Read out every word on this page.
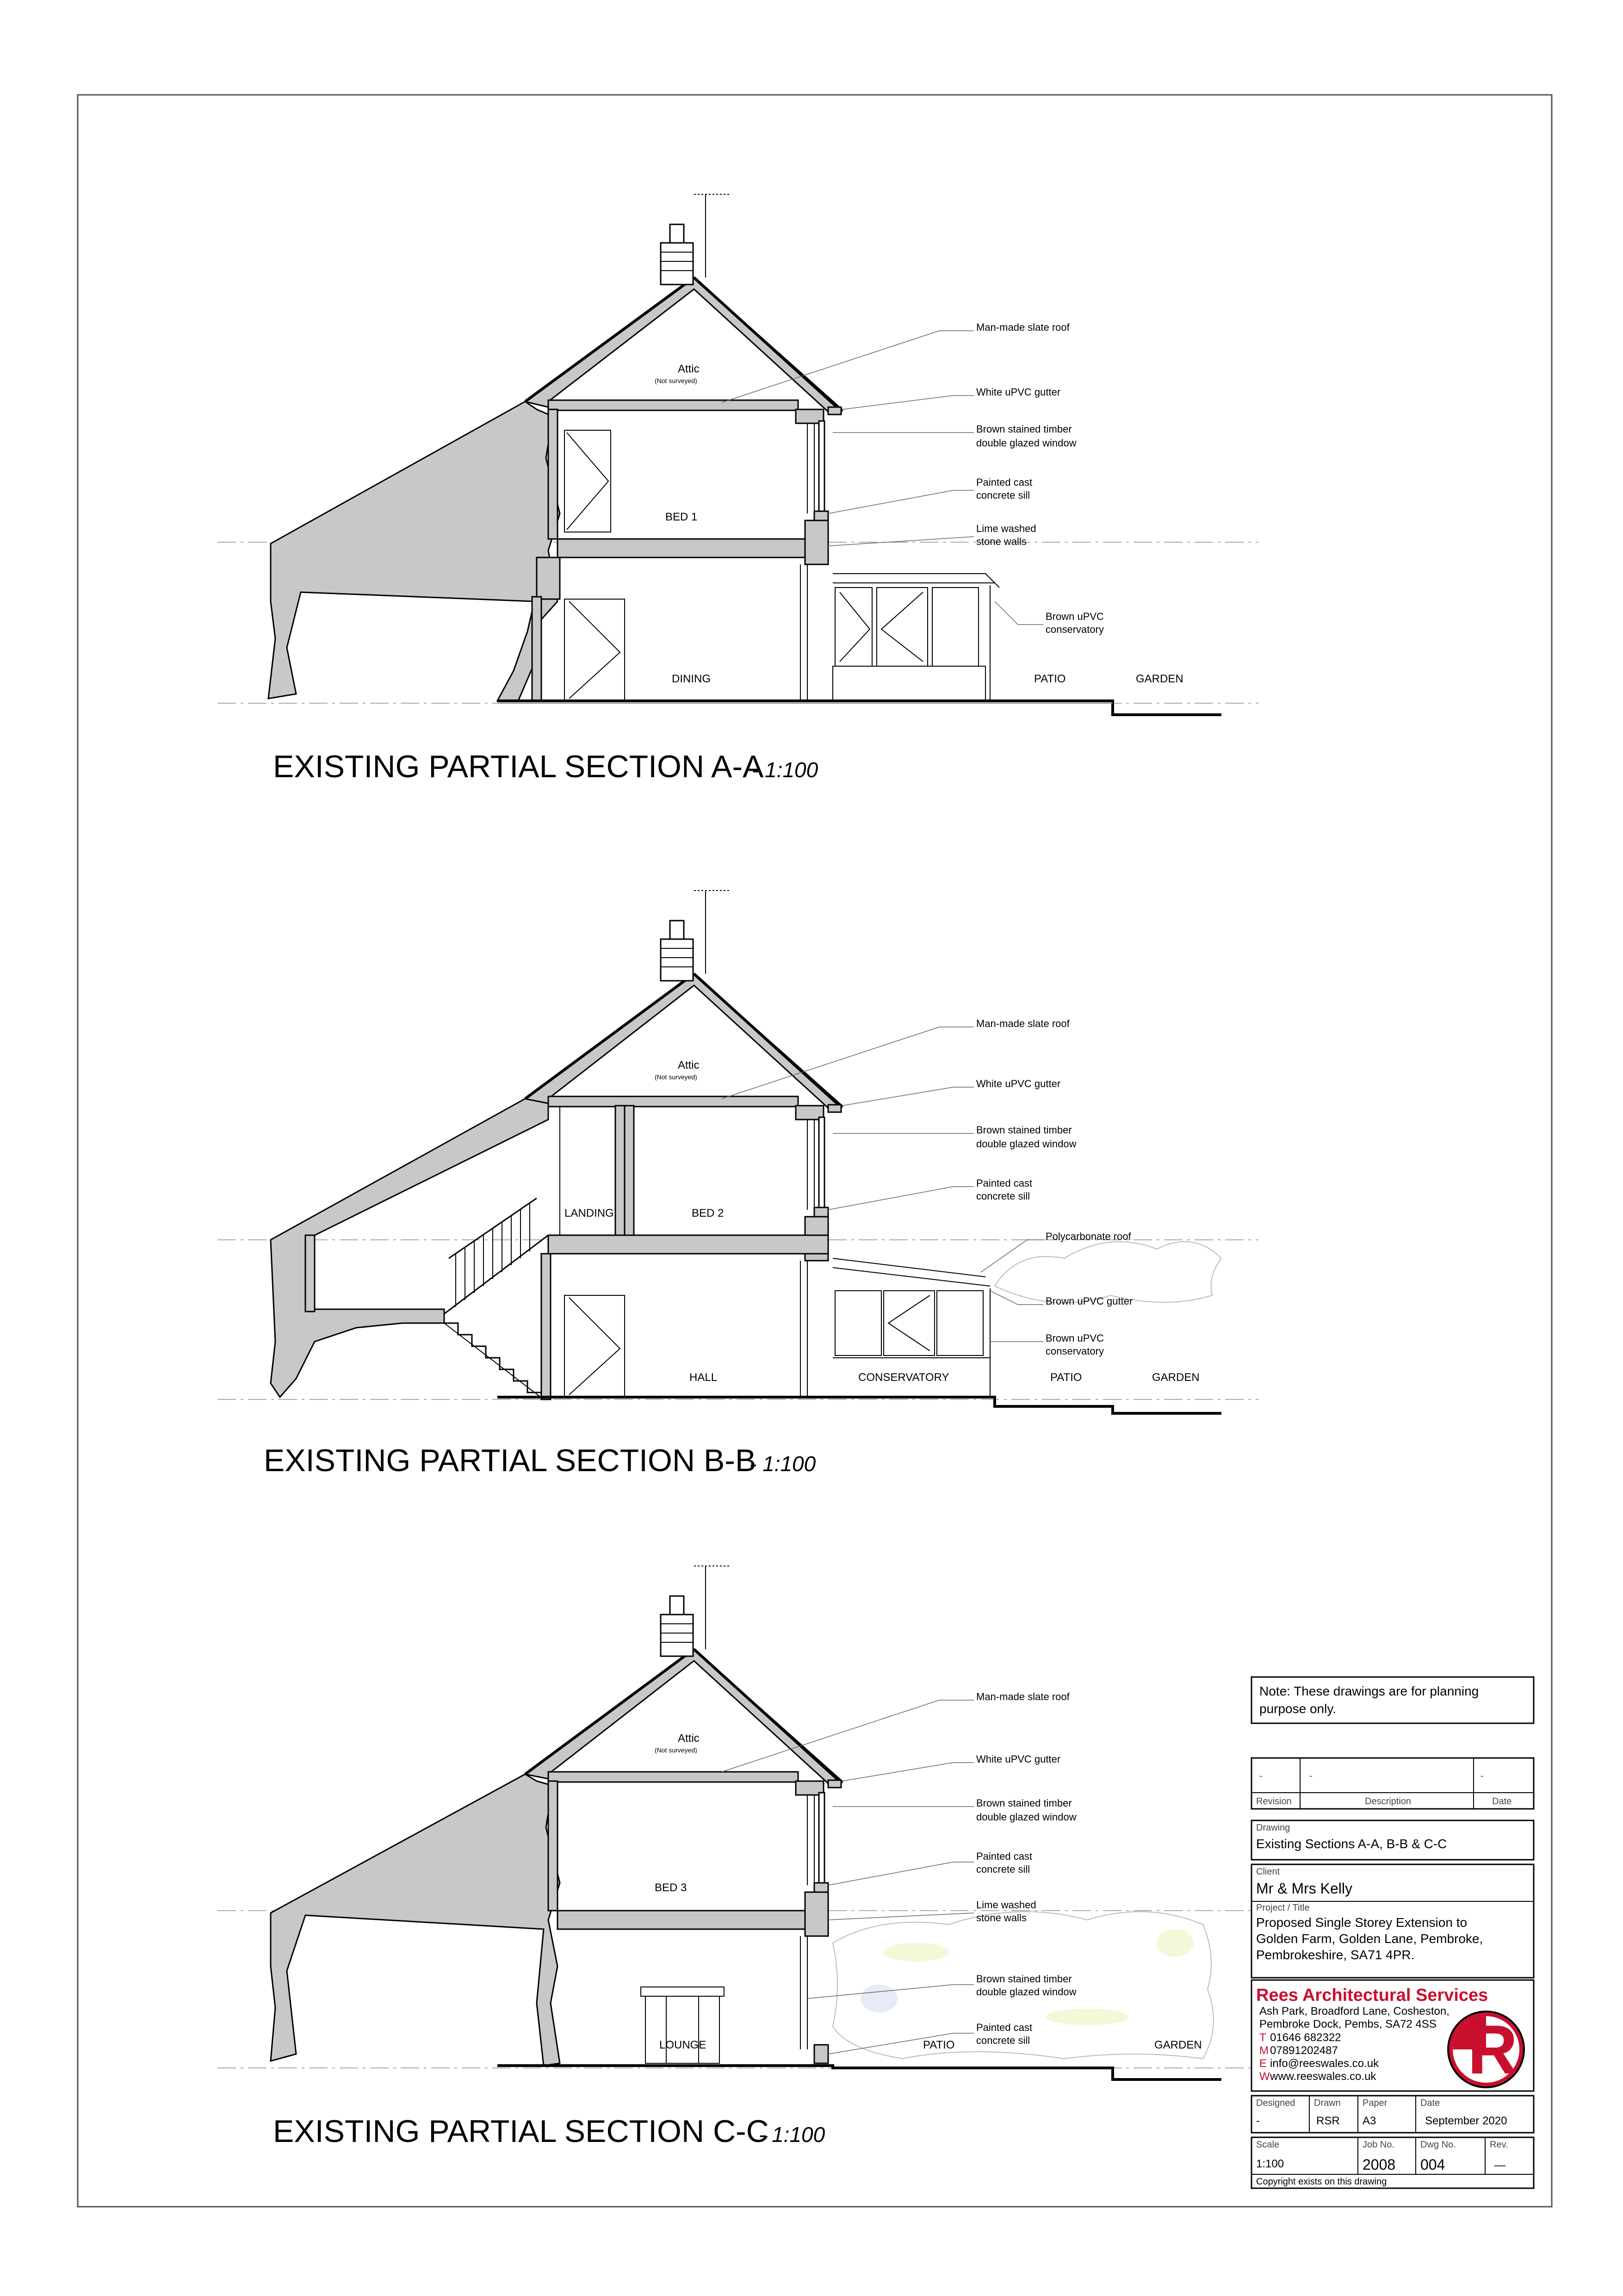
EXISTING PARTIAL SECTION A-A
- 1:100
Attic
(Not surveyed)
BED 1
DINING	PATIO	GARDEN
Man-made slate roof
White uPVC gutter
Brown stained timber
double glazed window
Painted cast
concrete sill
Lime washed
stone walls
Brown uPVC
conservatory
EXISTING PARTIAL SECTION B-B
- 1:100
Attic
(Not surveyed)
LANDING	BED 2
HALL	CONSERVATORY	PATIO	GARDEN
Man-made slate roof
White uPVC gutter
Brown stained timber
double glazed window
Painted cast
concrete sill
Polycarbonate roof
Brown uPVC gutter
Brown uPVC
conservatory
EXISTING PARTIAL SECTION C-C
- 1:100
Attic
(Not surveyed)
BED 3
LOUNGE	PATIO	GARDEN
Man-made slate roof
White uPVC gutter
Brown stained timber
double glazed window
Painted cast
concrete sill
Lime washed
stone walls
Brown stained timber
double glazed window
Painted cast
concrete sill
Note: These drawings are for planning
purpose only.
-	-	-
Revision	Description	Date
Drawing
Existing Sections A-A, B-B & C-C
Client
Mr & Mrs Kelly
Project / Title
Proposed Single Storey Extension to
Golden Farm, Golden Lane, Pembroke,
Pembrokeshire, SA71 4PR.
Rees Architectural Services
Ash Park, Broadford Lane, Cosheston,
Pembroke Dock, Pembs, SA72 4SS
T 01646 682322
M 07891202487
E info@reeswales.co.uk
W www.reeswales.co.uk R
Designed
-
Drawn
RSR
Paper
A3
Date
September 2020
Scale
1:100
Job No.
2008
Dwg No.
004
Rev.
—
Copyright exists on this drawing
